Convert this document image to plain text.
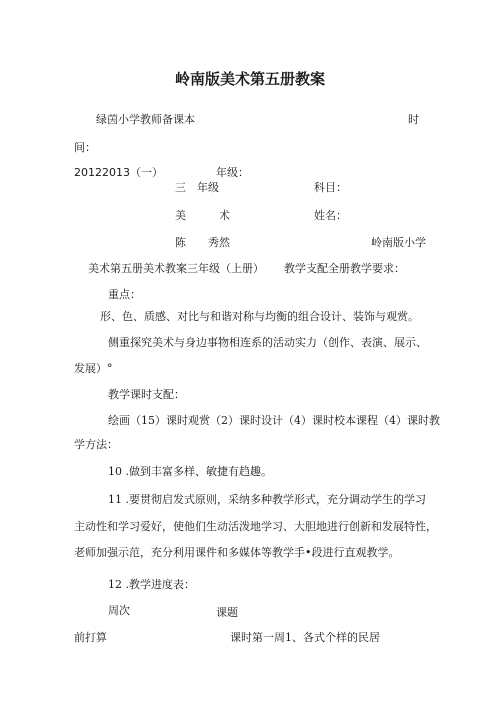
岭南版美术第五册教案
绿茵小学教师备课本	时
间：
20122013（一）	年级：
三　年级	科目：
美　　　术	姓名：
陈　　秀然	岭南版小学
美术第五册美术教案三年级（上册） 教学支配全册教学要求：
重点：
形、色、质感、对比与和谐对称与均衡的组合设计、装饰与观赏。
侧重探究美术与身边事物相连系的活动实力（创作、表演、展示、
发展）°
教学课时支配：
绘画（15）课时观赏（2）课时设计（4）课时校本课程（4）课时教
学方法：
10 .做到丰富多样、敏捷有趋趣。
11 .要贯彻启发式原则，采纳多种教学形式，充分调动学生的学习
主动性和学习爱好，使他们生动活泼地学习、大胆地进行创新和发展特性，
老师加强示范，充分利用课件和多媒体等教学手•段进行直观教学。
12 .教学进度表：
周次	课题
前打算	课时第一周1、各式个样的民居
